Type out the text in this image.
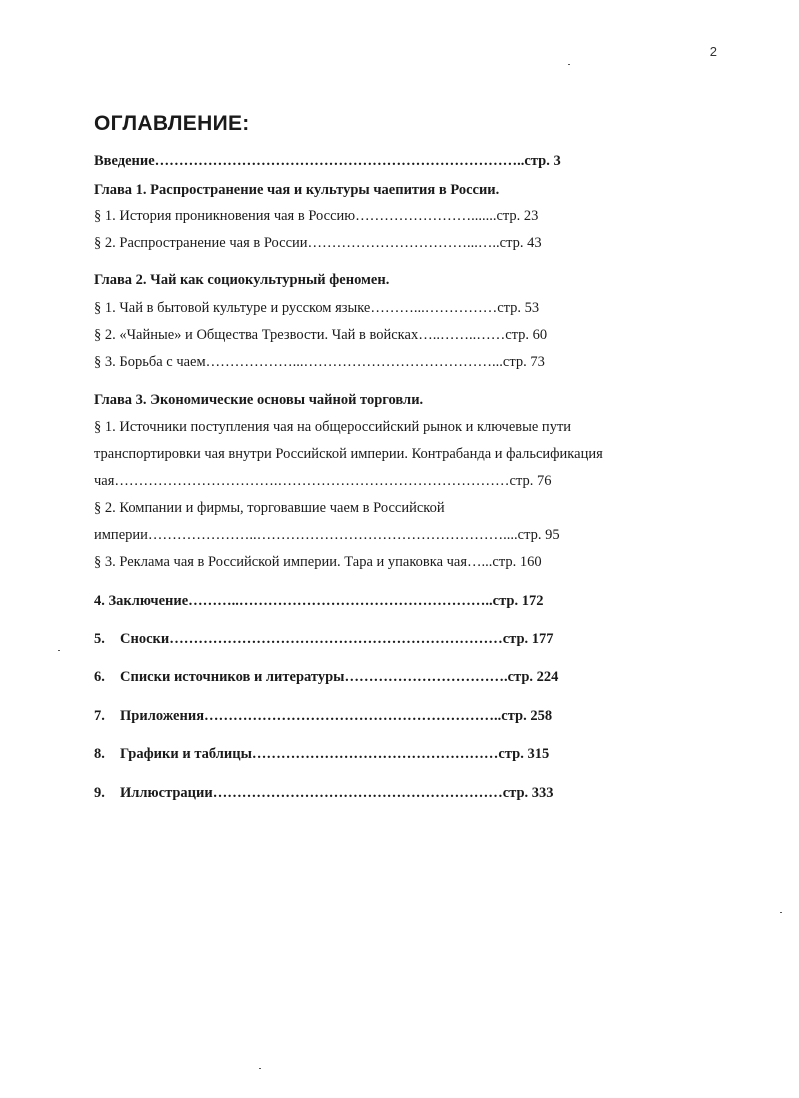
2
ОГЛАВЛЕНИЕ:
Введение…………………………………………………………………..стр. 3
Глава 1. Распространение чая и культуры чаепития в России.
§ 1. История проникновения чая в Россию…………………….......стр. 23
§ 2. Распространение чая в России……………………………...…..стр. 43
Глава 2. Чай как социокультурный феномен.
§ 1. Чай в бытовой культуре и русском языке………...……………стр. 53
§ 2. «Чайные» и Общества Трезвости. Чай в войсках…..……..……стр. 60
§ 3. Борьба с чаем………………...…………………………………...стр. 73
Глава 3. Экономические основы чайной торговли.
§ 1. Источники поступления чая на общероссийский рынок и ключевые пути
транспортировки чая внутри Российской империи. Контрабанда и фальсификация
чая…………………………….…………………………………………стр. 76
§ 2. Компании и фирмы, торговавшие чаем в Российской
империи…………………..……………………………………………....стр. 95
§ 3. Реклама чая в Российской империи. Тара и упаковка чая…...стр. 160
4. Заключение………..……………………………………………..стр. 172
5. Сноски……………………………………………………………стр. 177
6. Списки источников и литературы…………………………….стр. 224
7. Приложения……………………………………………………..стр. 258
8. Графики и таблицы……………………………………………стр. 315
9. Иллюстрации……………………………………………………стр. 333
